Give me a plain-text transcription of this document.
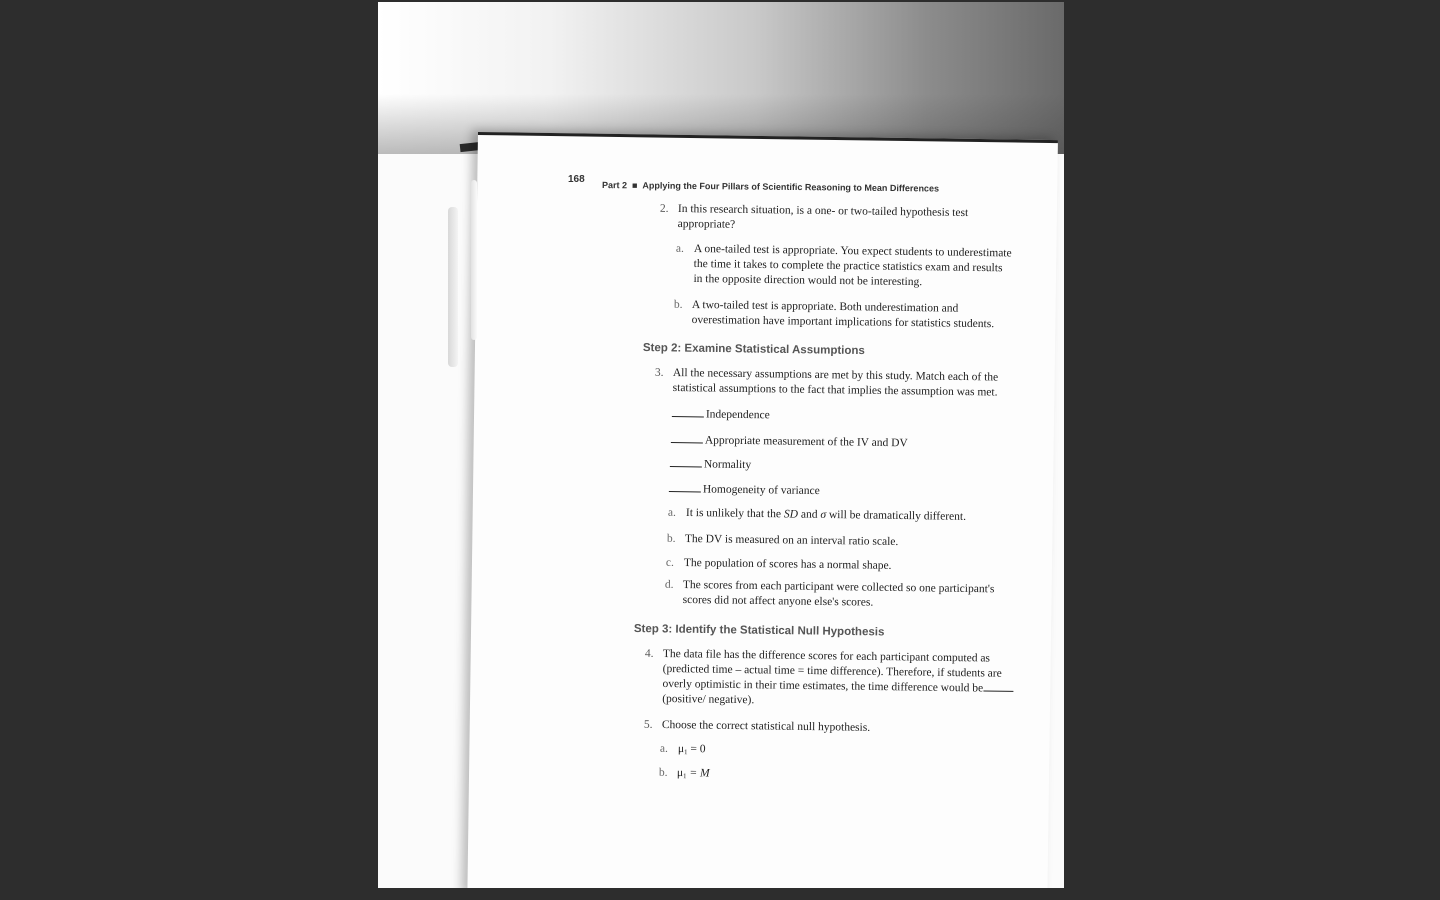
168
Part 2 ■ Applying the Four Pillars of Scientific Reasoning to Mean Differences
2. In this research situation, is a one- or two-tailed hypothesis test appropriate?
a. A one-tailed test is appropriate. You expect students to underestimate the time it takes to complete the practice statistics exam and results in the opposite direction would not be interesting.
b. A two-tailed test is appropriate. Both underestimation and overestimation have important implications for statistics students.
Step 2: Examine Statistical Assumptions
3. All the necessary assumptions are met by this study. Match each of the statistical assumptions to the fact that implies the assumption was met.
Independence
Appropriate measurement of the IV and DV
Normality
Homogeneity of variance
a. It is unlikely that the SD and σ will be dramatically different.
b. The DV is measured on an interval ratio scale.
c. The population of scores has a normal shape.
d. The scores from each participant were collected so one participant's scores did not affect anyone else's scores.
Step 3: Identify the Statistical Null Hypothesis
4. The data file has the difference scores for each participant computed as (predicted time – actual time = time difference). Therefore, if students are overly optimistic in their time estimates, the time difference would be (positive/ negative).
5. Choose the correct statistical null hypothesis.
a. $\mu_1 = 0$
b. $\mu_1 = M$
